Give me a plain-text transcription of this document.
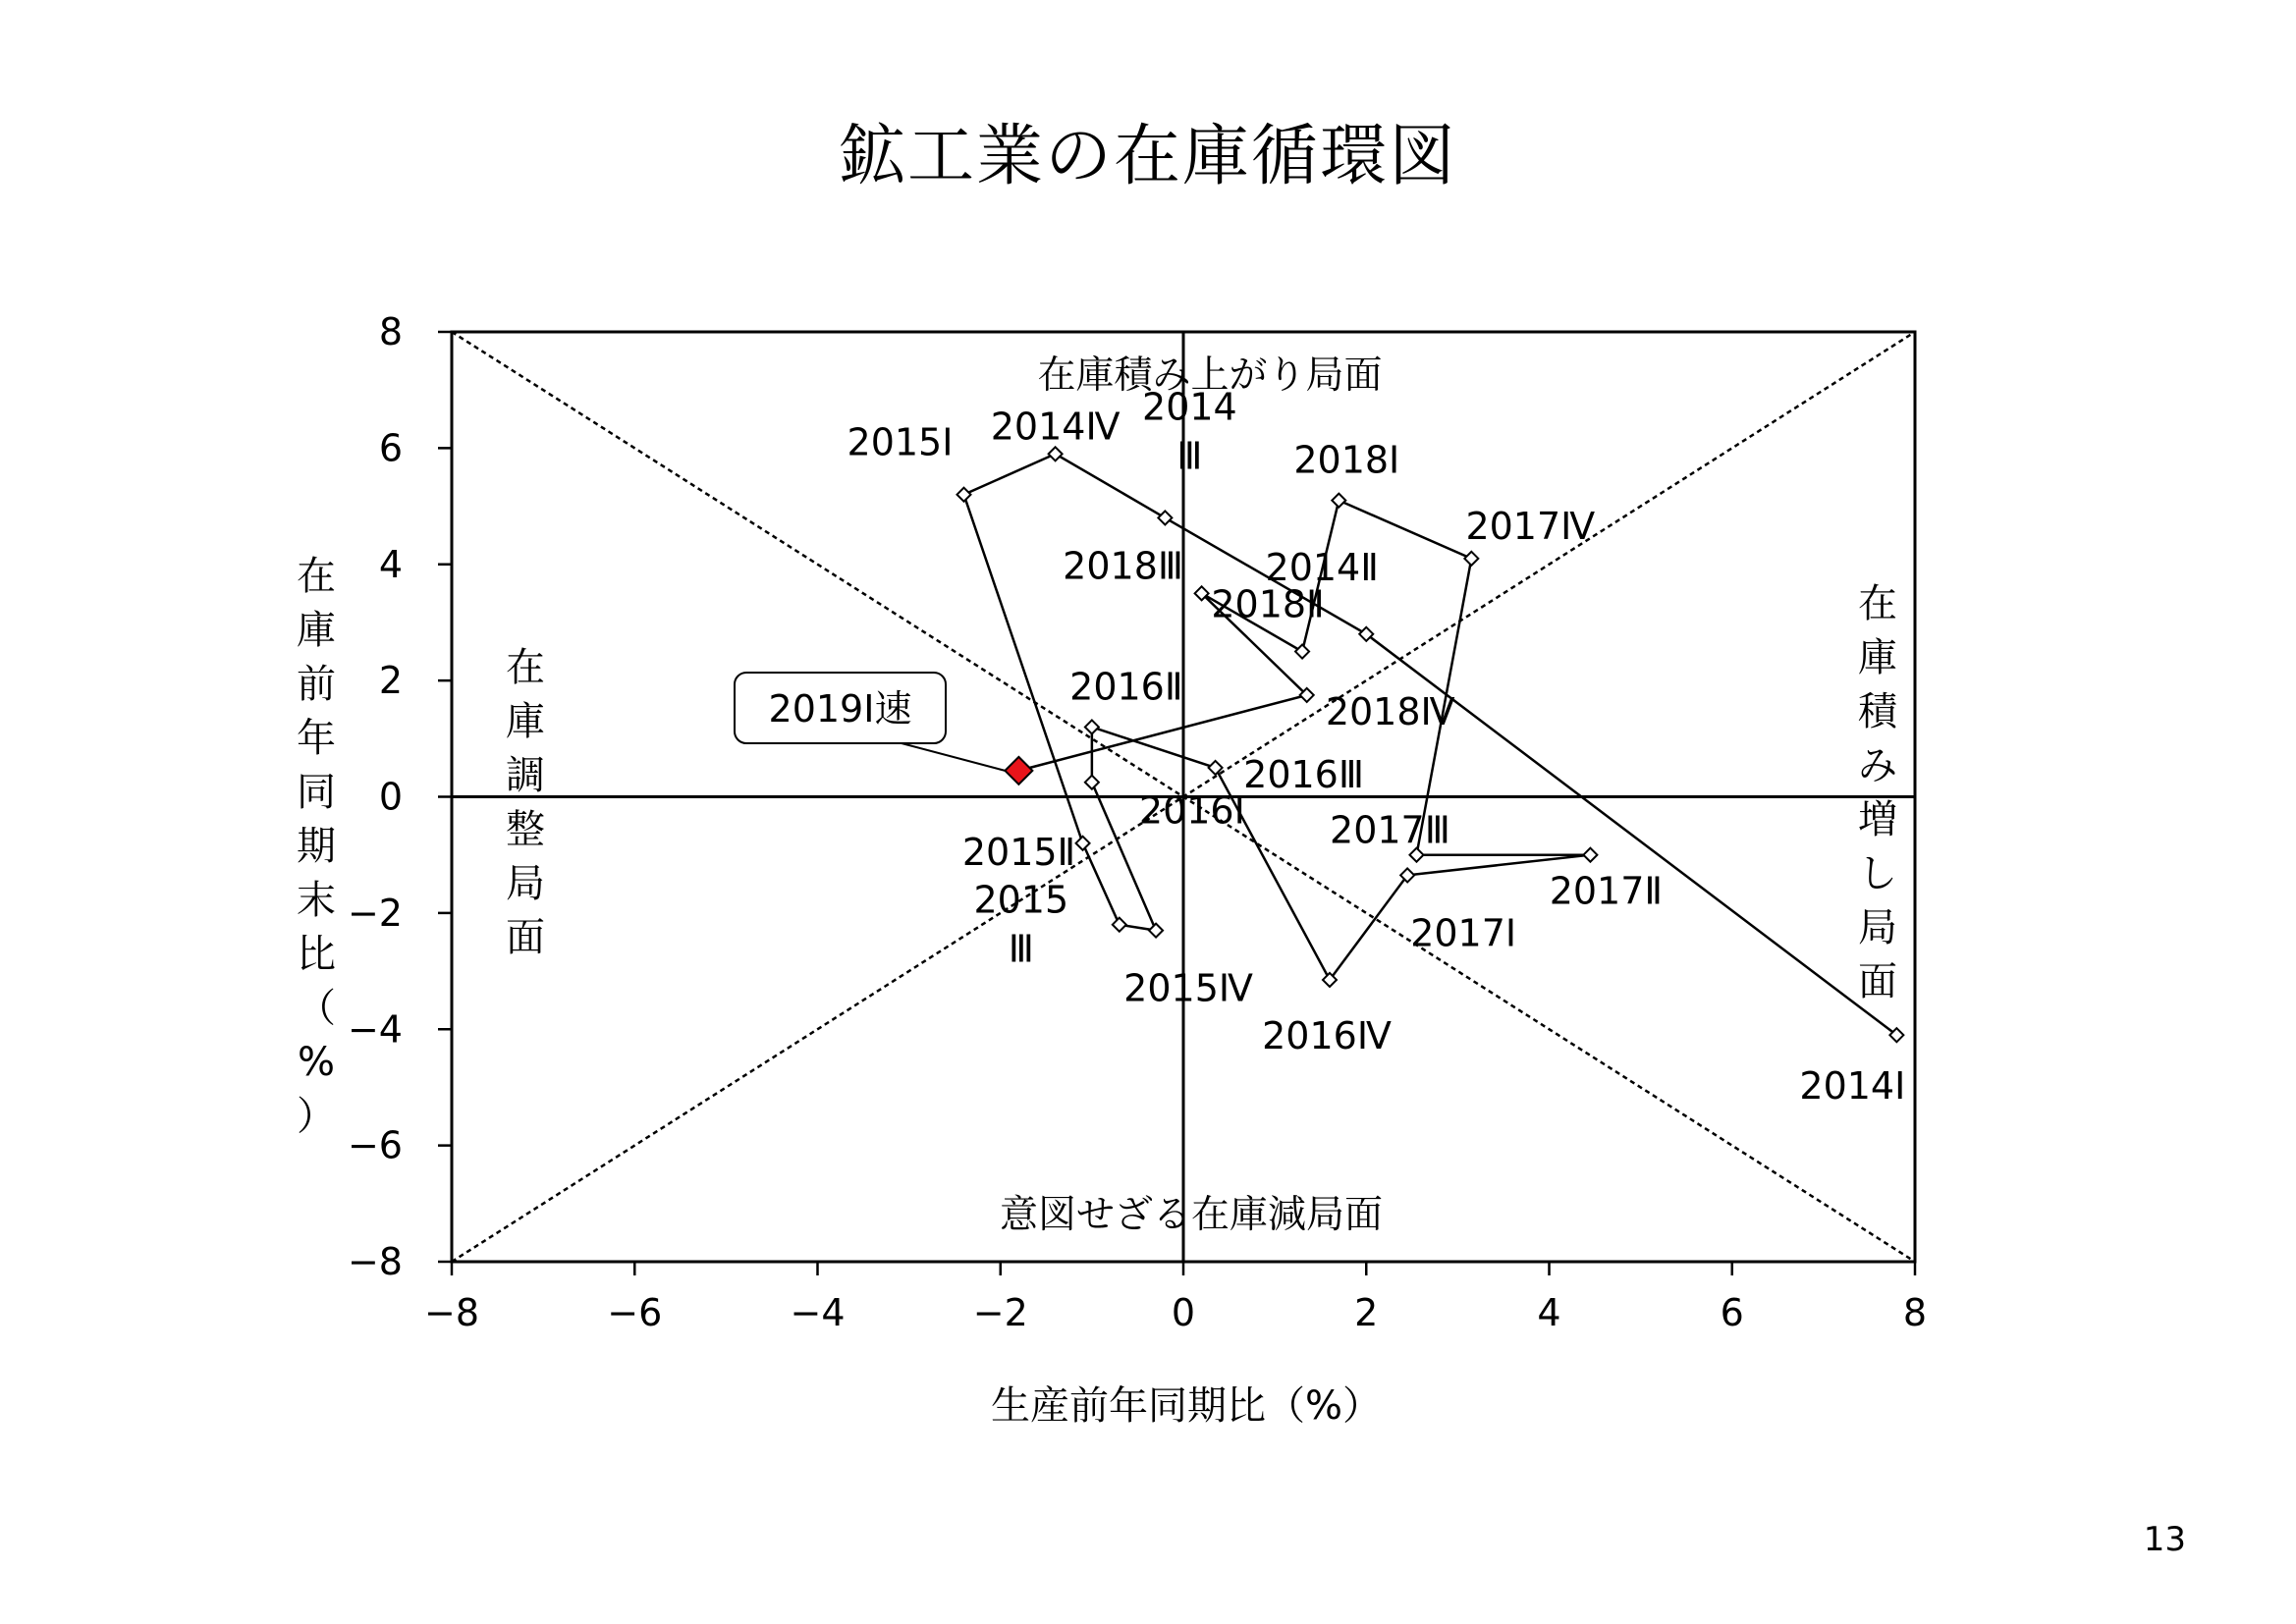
鉱工業の在庫循環図
−8	−6	−4	−2	0	2	4	6	8
8
6
4
2
0
−2
−4
−6
−8
在庫積み上がり局面
意図せざる在庫減局面
在庫調整局面
在庫積み増し局面
2014Ⅰ
2014Ⅱ
2014 Ⅲ
2014Ⅳ
2015Ⅰ
2015Ⅱ
2015 Ⅲ
2015Ⅳ
2016Ⅰ
2016Ⅱ
2016Ⅲ
2016Ⅳ
2017Ⅰ
2017Ⅱ
2017Ⅲ
2017Ⅳ
2018Ⅰ
2018Ⅱ
2018Ⅲ
2018Ⅳ
2019Ⅰ速
生産前年同期比（%）
在庫前年同期末比（%）
13
